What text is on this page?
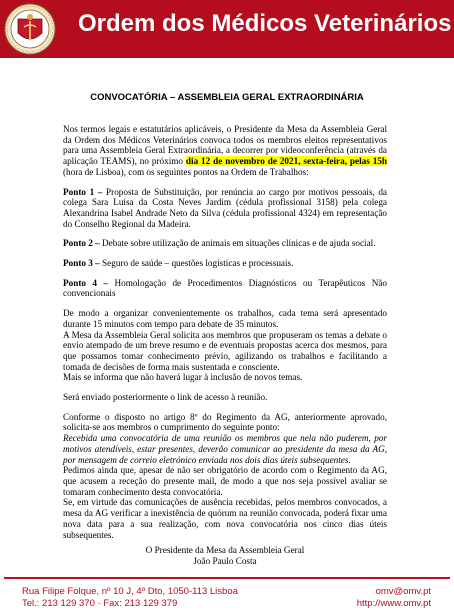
Ordem dos Médicos Veterinários
CONVOCATÓRIA – ASSEMBLEIA GERAL EXTRAORDINÁRIA

Nos termos legais e estatutários aplicáveis, o Presidente da Mesa da Assembleia Geral da Ordem dos Médicos Veterinários convoca todos os membros eleitos representativos para uma Assembleia Geral Extraordinária, a decorrer por videoconferência (através da aplicação TEAMS), no próximo dia 12 de novembro de 2021, sexta-feira, pelas 15h (hora de Lisboa), com os seguintes pontos na Ordem de Trabalhos:

Ponto 1 – Proposta de Substituição, por renúncia ao cargo por motivos pessoais, da colega Sara Luísa da Costa Neves Jardim (cédula profissional 3158) pela colega Alexandrina Isabel Andrade Neto da Silva (cédula profissional 4324) em representação do Conselho Regional da Madeira.

Ponto 2 – Debate sobre utilização de animais em situações clínicas e de ajuda social.

Ponto 3 – Seguro de saúde – questões logísticas e processuais.

Ponto 4 – Homologação de Procedimentos Diagnósticos ou Terapêuticos Não convencionais

De modo a organizar convenientemente os trabalhos, cada tema será apresentado durante 15 minutos com tempo para debate de 35 minutos.

A Mesa da Assembleia Geral solicita aos membros que propuseram os temas a debate o envio atempado de um breve resumo e de eventuais propostas acerca dos mesmos, para que possamos tomar conhecimento prévio, agilizando os trabalhos e facilitando a tomada de decisões de forma mais sustentada e consciente.

Mais se informa que não haverá lugar à inclusão de novos temas.

Será enviado posteriormente o link de acesso à reunião.

Conforme o disposto no artigo 8º do Regimento da AG, anteriormente aprovado, solicita-se aos membros o cumprimento do seguinte ponto:

Recebida uma convocatória de uma reunião os membros que nela não puderem, por motivos atendíveis, estar presentes, deverão comunicar ao presidente da mesa da AG, por mensagem de correio eletrónico enviada nos dois dias úteis subsequentes.

Pedimos ainda que, apesar de não ser obrigatório de acordo com o Regimento da AG, que acusem a receção do presente mail, de modo a que nos seja possível avaliar se tomaram conhecimento desta convocatória.

Se, em virtude das comunicações de ausência recebidas, pelos membros convocados, a mesa da AG verificar a inexistência de quórum na reunião convocada, poderá fixar uma nova data para a sua realização, com nova convocatória nos cinco dias úteis subsequentes.

O Presidente da Mesa da Assembleia Geral

João Paulo Costa

Rua Filipe Folque, nº 10 J, 4º Dto, 1050-113 Lisboa
Tel.: 213 129 370 · Fax: 213 129 379
omv@omv.pt
http://www.omv.pt
